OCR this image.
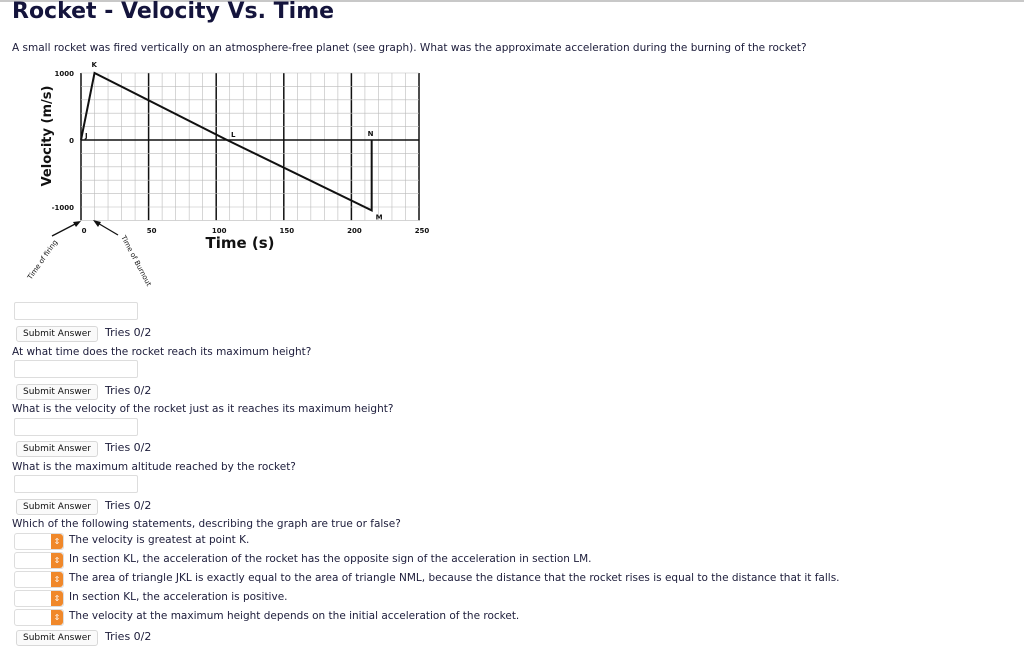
Rocket - Velocity Vs. Time
A small rocket was fired vertically on an atmosphere-free planet (see graph). What was the approximate acceleration during the burning of the rocket?
0	50	100	150	200	250
1000
0
-1000
Time (s)
Velocity (m/s)	J
K
L
M
N
Time of firing	Time of Burnout
Submit Answer	Tries 0/2
At what time does the rocket reach its maximum height?
Submit Answer	Tries 0/2
What is the velocity of the rocket just as it reaches its maximum height?
Submit Answer	Tries 0/2
What is the maximum altitude reached by the rocket?
Submit Answer	Tries 0/2
Which of the following statements, describing the graph are true or false?
⇕ The velocity is greatest at point K.
⇕ In section KL, the acceleration of the rocket has the opposite sign of the acceleration in section LM.
⇕ The area of triangle JKL is exactly equal to the area of triangle NML, because the distance that the rocket rises is equal to the distance that it falls.
⇕ In section KL, the acceleration is positive.
⇕ The velocity at the maximum height depends on the initial acceleration of the rocket.
Submit Answer	Tries 0/2
